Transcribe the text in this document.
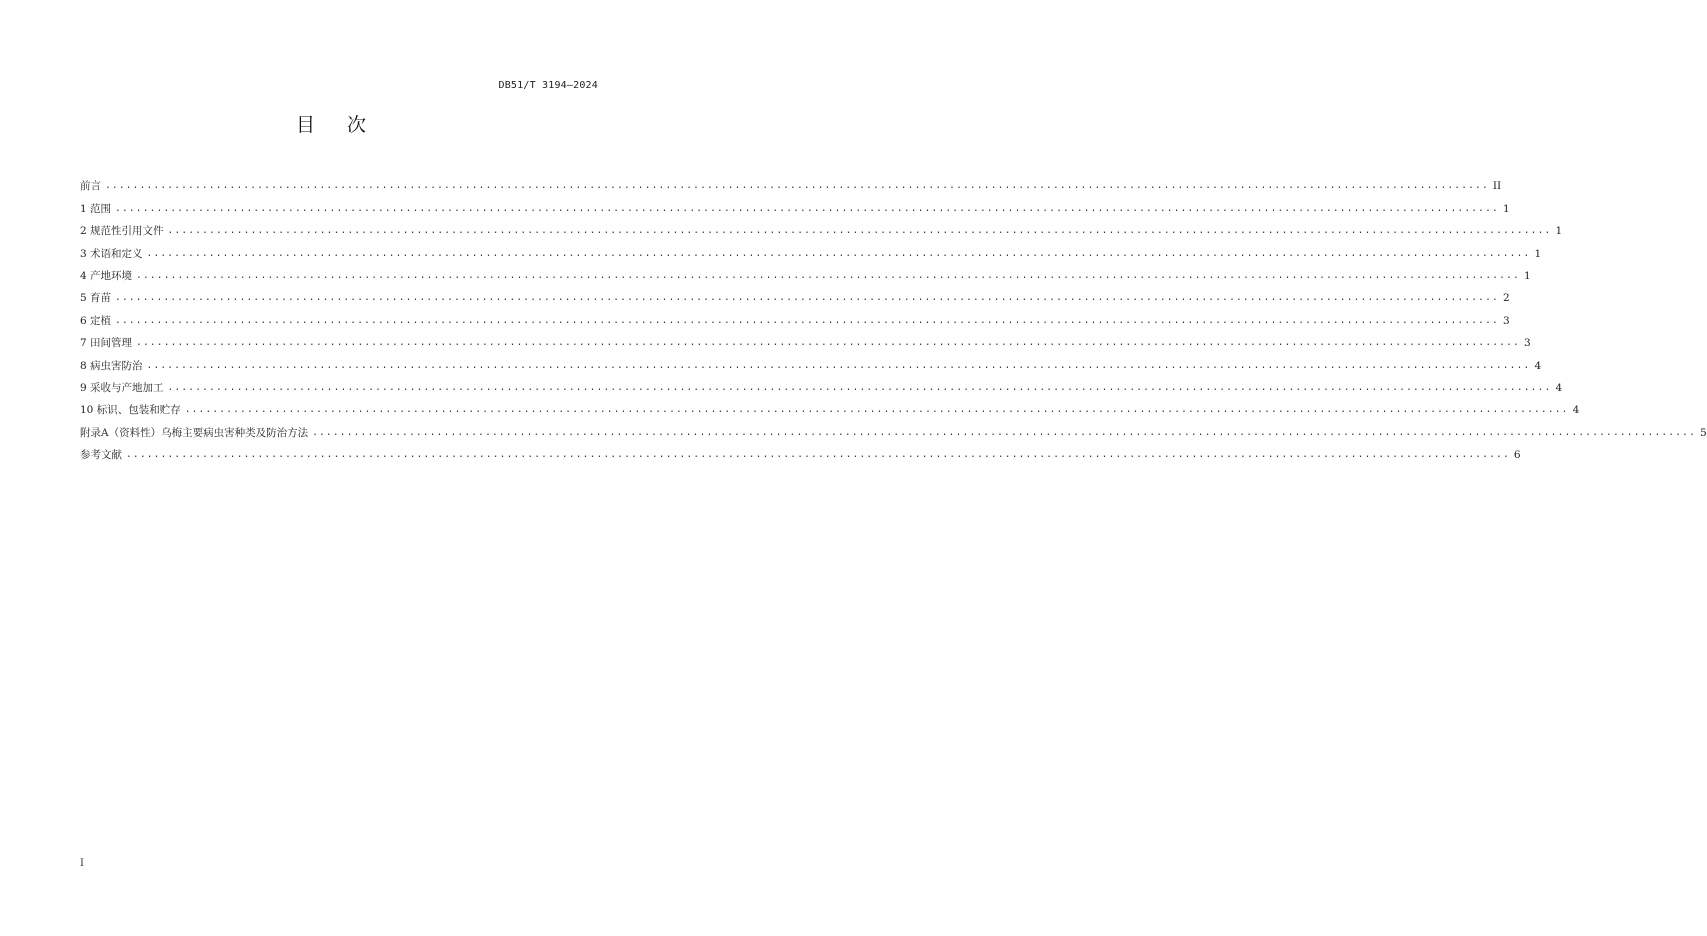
DB51/T 3194—2024
目次
前言 ........................................................................................................................................................................................................ II
1 范围 ........................................................................................................................................................................................................ 1
2 规范性引用文件 ........................................................................................................................................................................................................ 1
3 术语和定义 ........................................................................................................................................................................................................ 1
4 产地环境 ........................................................................................................................................................................................................ 1
5 育苗 ........................................................................................................................................................................................................ 2
6 定植 ........................................................................................................................................................................................................ 3
7 田间管理 ........................................................................................................................................................................................................ 3
8 病虫害防治 ........................................................................................................................................................................................................ 4
9 采收与产地加工 ........................................................................................................................................................................................................ 4
10 标识、包装和贮存 ........................................................................................................................................................................................................ 4
附录A（资料性）乌梅主要病虫害种类及防治方法 ........................................................................................................................................................................................................ 5
参考文献 ........................................................................................................................................................................................................ 6
I
